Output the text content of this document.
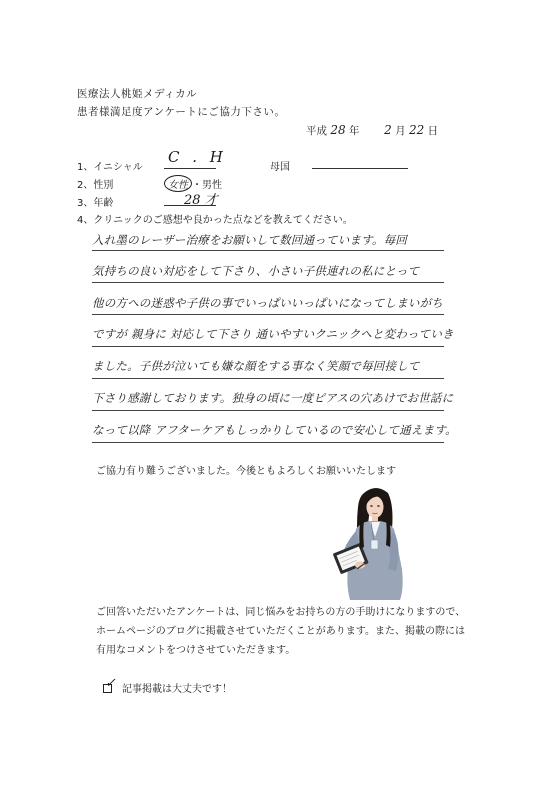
医療法人桃姫メディカル
患者様満足度アンケートにご協力下さい。
平成 28 年 2 月 22 日
1、イニシャル
C . H
母国
2、性別	女性 ・男性
3、年齢	28 才
4、クリニックのご感想や良かった点などを教えてください。
入れ墨のレーザー治療をお願いして数回通っています。毎回
気持ちの良い対応をして下さり、小さい子供連れの私にとって
他の方への迷惑や子供の事でいっぱいいっぱいになってしまいがち
ですが 親身に 対応して下さり 通いやすいクニックへと変わっていき
ました。子供が泣いても嫌な顔をする事なく笑顔で毎回接して
下さり感謝しております。独身の頃に一度ピアスの穴あけでお世話に
なって以降 アフターケアもしっかりしているので安心して通えます。
ご協力有り難うございました。今後ともよろしくお願いいたします
ご回答いただいたアンケートは、同じ悩みをお持ちの方の手助けになりますので、ホームページのブログに掲載させていただくことがあります。また、掲載の際には有用なコメントをつけさせていただきます。
✓ 記事掲載は大丈夫です！
